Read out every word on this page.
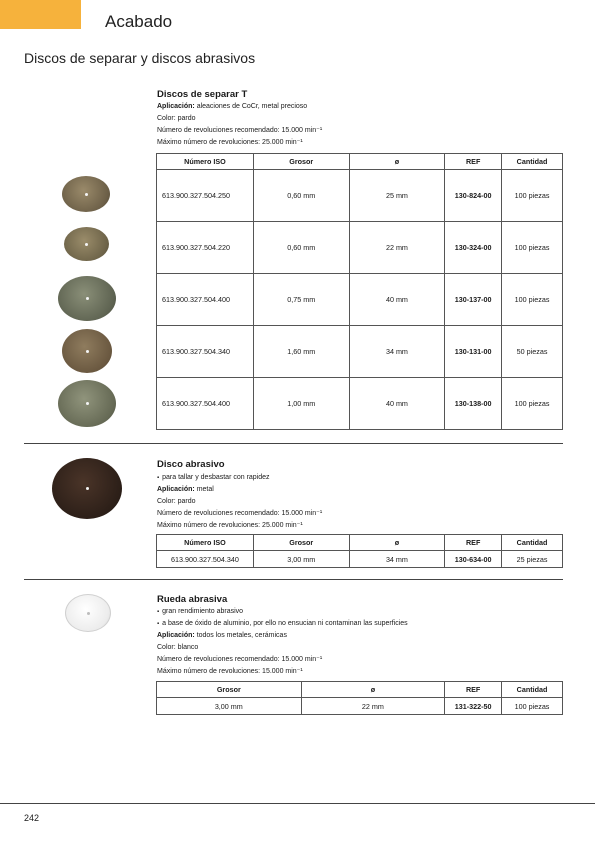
Acabado
Discos de separar y discos abrasivos
Discos de separar T
Aplicación: aleaciones de CoCr, metal precioso
Color: pardo
Número de revoluciones recomendado: 15.000 min⁻¹
Máximo número de revoluciones: 25.000 min⁻¹
Número ISO	Grosor	ø	REF	Cantidad
613.900.327.504.250	0,60 mm	25 mm	130-824-00	100 piezas
613.900.327.504.220	0,60 mm	22 mm	130-324-00	100 piezas
613.900.327.504.400	0,75 mm	40 mm	130-137-00	100 piezas
613.900.327.504.340	1,60 mm	34 mm	130-131-00	50 piezas
613.900.327.504.400	1,00 mm	40 mm	130-138-00	100 piezas
Disco abrasivo
▪ para tallar y desbastar con rapidez
Aplicación: metal
Color: pardo
Número de revoluciones recomendado: 15.000 min⁻¹
Máximo número de revoluciones: 25.000 min⁻¹
Número ISO	Grosor	ø	REF	Cantidad
613.900.327.504.340	3,00 mm	34 mm	130-634-00	25 piezas
Rueda abrasiva
▪ gran rendimiento abrasivo
▪ a base de óxido de aluminio, por ello no ensucian ni contaminan las superficies
Aplicación: todos los metales, cerámicas
Color: blanco
Número de revoluciones recomendado: 15.000 min⁻¹
Máximo número de revoluciones: 15.000 min⁻¹
Grosor	ø	REF	Cantidad
3,00 mm	22 mm	131-322-50	100 piezas
242
